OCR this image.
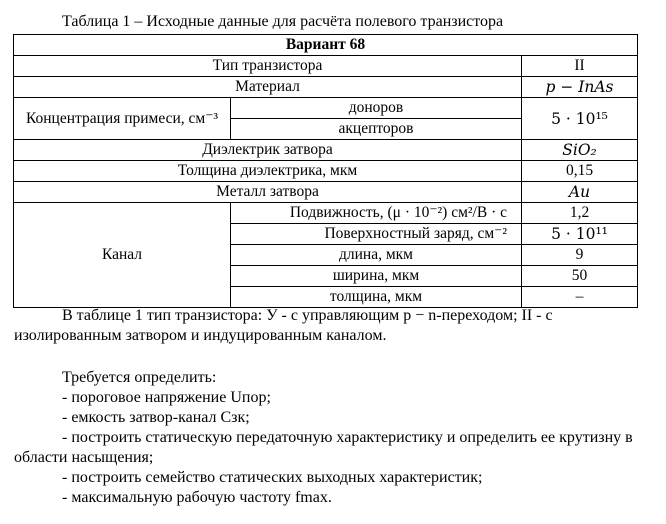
Таблица 1 – Исходные данные для расчёта полевого транзистора
Вариант 68		
Тип транзистора		II
Материал		p − InAs
Концентрация примеси, см⁻³	доноров	5 · 10¹⁵
	акцепторов	
Диэлектрик затвора		SiO₂
Толщина диэлектрика, мкм		0,15
Металл затвора		Au
Канал	Подвижность, (μ · 10⁻²) см²/В · с	1,2
	Поверхностный заряд, см⁻²	5 · 10¹¹
	длина, мкм	9
	ширина, мкм	50
	толщина, мкм	–
В таблице 1 тип транзистора: У - с управляющим p − n-переходом; II - с изолированным затвором и индуцированным каналом.
Требуется определить:
- пороговое напряжение Uпор;
- емкость затвор-канал Cзк;
- построить статическую передаточную характеристику и определить ее крутизну в области насыщения;
- построить семейство статических выходных характеристик;
- максимальную рабочую частоту fmax.
